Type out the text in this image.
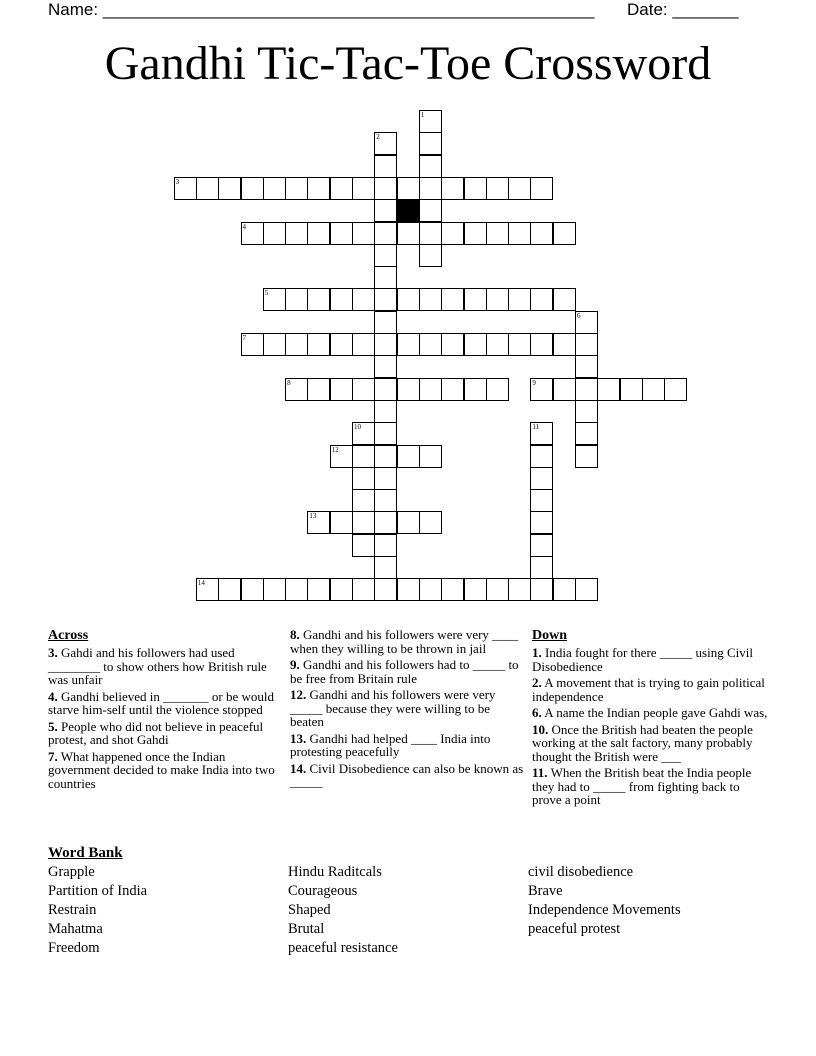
Name: ____________________________________________________ Date: _______
Gandhi Tic-Tac-Toe Crossword
1
2
3
4
5
6
7
8	9
10	11
12
13
14
Across
3. Gahdi and his followers had used ________ to show others how British rule was unfair
4. Gandhi believed in _______ or be would starve him-self until the violence stopped
5. People who did not believe in peaceful protest, and shot Gahdi
7. What happened once the Indian government decided to make India into two countries
8. Gandhi and his followers were very ____ when they willing to be thrown in jail
9. Gandhi and his followers had to _____ to be free from Britain rule
12. Gandhi and his followers were very _____ because they were willing to be beaten
13. Gandhi had helped ____ India into protesting peacefully
14. Civil Disobedience can also be known as _____
Down
1. India fought for there _____ using Civil Disobedience
2. A movement that is trying to gain political independence
6. A name the Indian people gave Gahdi was,
10. Once the British had beaten the people working at the salt factory, many probably thought the British were ___
11. When the British beat the India people they had to _____ from fighting back to prove a point
Word Bank
Grapple
Partition of India
Restrain
Mahatma
Freedom
Hindu Raditcals
Courageous
Shaped
Brutal
peaceful resistance
civil disobedience
Brave
Independence Movements
peaceful protest
